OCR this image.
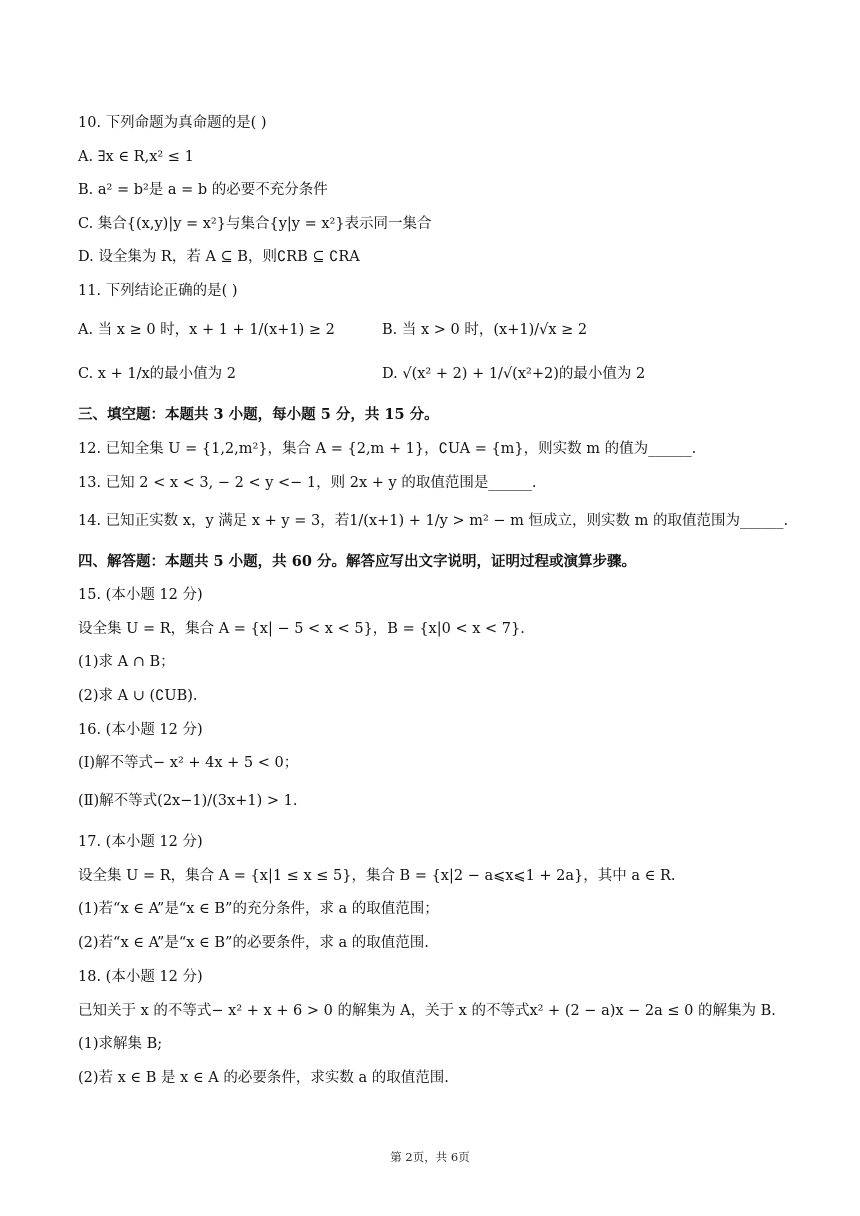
10. 下列命题为真命题的是( )
A. ∃x ∈ R,x² ≤ 1
B. a² = b²是 a = b 的必要不充分条件
C. 集合{(x,y)|y = x²}与集合{y|y = x²}表示同一集合
D. 设全集为 R，若 A ⊆ B，则∁RB ⊆ ∁RA
11. 下列结论正确的是( )
A. 当 x ≥ 0 时，x + 1 + 1/(x+1) ≥ 2	B. 当 x > 0 时，(x+1)/√x ≥ 2
C. x + 1/x的最小值为 2	D. √(x² + 2) + 1/√(x²+2)的最小值为 2
三、填空题：本题共 3 小题，每小题 5 分，共 15 分。
12. 已知全集 U = {1,2,m²}，集合 A = {2,m + 1}，∁UA = {m}，则实数 m 的值为______.
13. 已知 2 < x < 3, − 2 < y <− 1，则 2x + y 的取值范围是______.
14. 已知正实数 x，y 满足 x + y = 3，若1/(x+1) + 1/y > m² − m 恒成立，则实数 m 的取值范围为______.
四、解答题：本题共 5 小题，共 60 分。解答应写出文字说明，证明过程或演算步骤。
15. (本小题 12 分)
设全集 U = R，集合 A = {x| − 5 < x < 5}，B = {x|0 < x < 7}.
(1)求 A ∩ B；
(2)求 A ∪ (∁UB).
16. (本小题 12 分)
(Ⅰ)解不等式− x² + 4x + 5 < 0；
(Ⅱ)解不等式(2x−1)/(3x+1) > 1.
17. (本小题 12 分)
设全集 U = R，集合 A = {x|1 ≤ x ≤ 5}，集合 B = {x|2 − a⩽x⩽1 + 2a}，其中 a ∈ R.
(1)若“x ∈ A”是“x ∈ B”的充分条件，求 a 的取值范围；
(2)若“x ∈ A”是“x ∈ B”的必要条件，求 a 的取值范围.
18. (本小题 12 分)
已知关于 x 的不等式− x² + x + 6 > 0 的解集为 A，关于 x 的不等式x² + (2 − a)x − 2a ≤ 0 的解集为 B.
(1)求解集 B;
(2)若 x ∈ B 是 x ∈ A 的必要条件，求实数 a 的取值范围.
第 2页，共 6页
